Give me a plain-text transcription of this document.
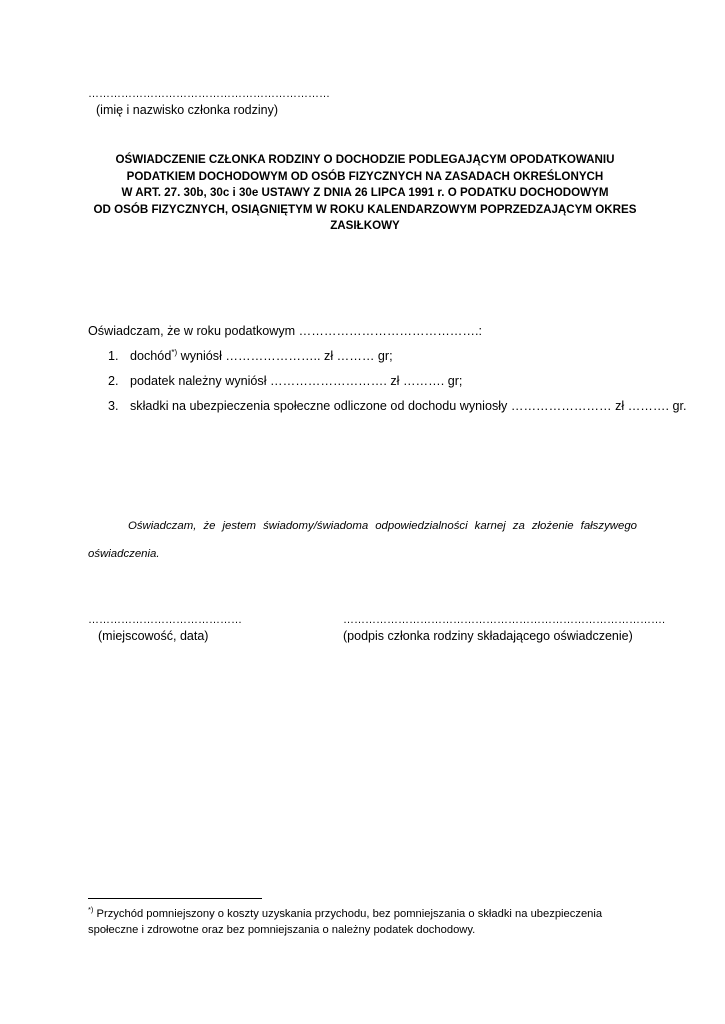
…………………………………………………………
(imię i nazwisko członka rodziny)
OŚWIADCZENIE CZŁONKA RODZINY O DOCHODZIE PODLEGAJĄCYM OPODATKOWANIU
PODATKIEM DOCHODOWYM OD OSÓB FIZYCZNYCH NA ZASADACH OKREŚLONYCH
W ART. 27. 30b, 30c i 30e USTAWY Z DNIA 26 LIPCA 1991 r. O PODATKU DOCHODOWYM
OD OSÓB FIZYCZNYCH, OSIĄGNIĘTYM W ROKU KALENDARZOWYM POPRZEDZAJĄCYM OKRES
ZASIŁKOWY
Oświadczam, że w roku podatkowym …………………………………….:
1. dochód*) wyniósł ………………….. zł ……… gr;
2. podatek należny wyniósł ………………………. zł ………. gr;
3. składki na ubezpieczenia społeczne odliczone od dochodu wyniosły …………………… zł ………. gr.
Oświadczam, że jestem świadomy/świadoma odpowiedzialności karnej za złożenie fałszywego oświadczenia.
……………………………………
(miejscowość, data)
…………………………………………………………………………….
(podpis członka rodziny składającego oświadczenie)
*) Przychód pomniejszony o koszty uzyskania przychodu, bez pomniejszania o składki na ubezpieczenia społeczne i zdrowotne oraz bez pomniejszania o należny podatek dochodowy.
